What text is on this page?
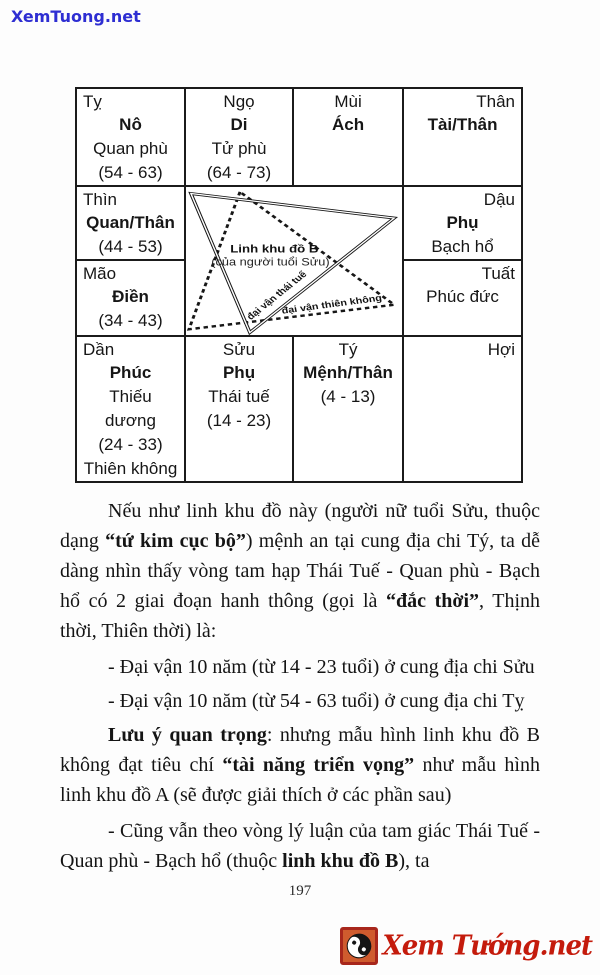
XemTuong.net
Tỵ
Nô
Quan phù
(54 - 63)
Ngọ
Di
Tử phù
(64 - 73)
Mùi
Ách
Thân
Tài/Thân
Thìn
Quan/Thân
(44 - 53)	Linh khu đồ B
(của người tuổi Sửu)
đại vận thái tuế
đại vận thiên không
Dậu
Phụ
Bạch hổ
Mão
Điền
(34 - 43)
Tuất
Phúc đức
Dần
Phúc
Thiếu dương
(24 - 33)
Thiên không
Sửu
Phụ
Thái tuế
(14 - 23)
Tý
Mệnh/Thân
(4 - 13)
Hợi

Nếu như linh khu đồ này (người nữ tuổi Sửu, thuộc dạng “tứ kim cục bộ”) mệnh an tại cung địa chi Tý, ta dễ dàng nhìn thấy vòng tam hạp Thái Tuế - Quan phù - Bạch hổ có 2 giai đoạn hanh thông (gọi là “đắc thời”, Thịnh thời, Thiên thời) là:

- Đại vận 10 năm (từ 14 - 23 tuổi) ở cung địa chi Sửu

- Đại vận 10 năm (từ 54 - 63 tuổi) ở cung địa chi Tỵ

Lưu ý quan trọng: nhưng mẫu hình linh khu đồ B không đạt tiêu chí “tài năng triển vọng” như mẫu hình linh khu đồ A (sẽ được giải thích ở các phần sau)

- Cũng vẫn theo vòng lý luận của tam giác Thái Tuế - Quan phù - Bạch hổ (thuộc linh khu đồ B), ta

197
Xem Tướng.net
